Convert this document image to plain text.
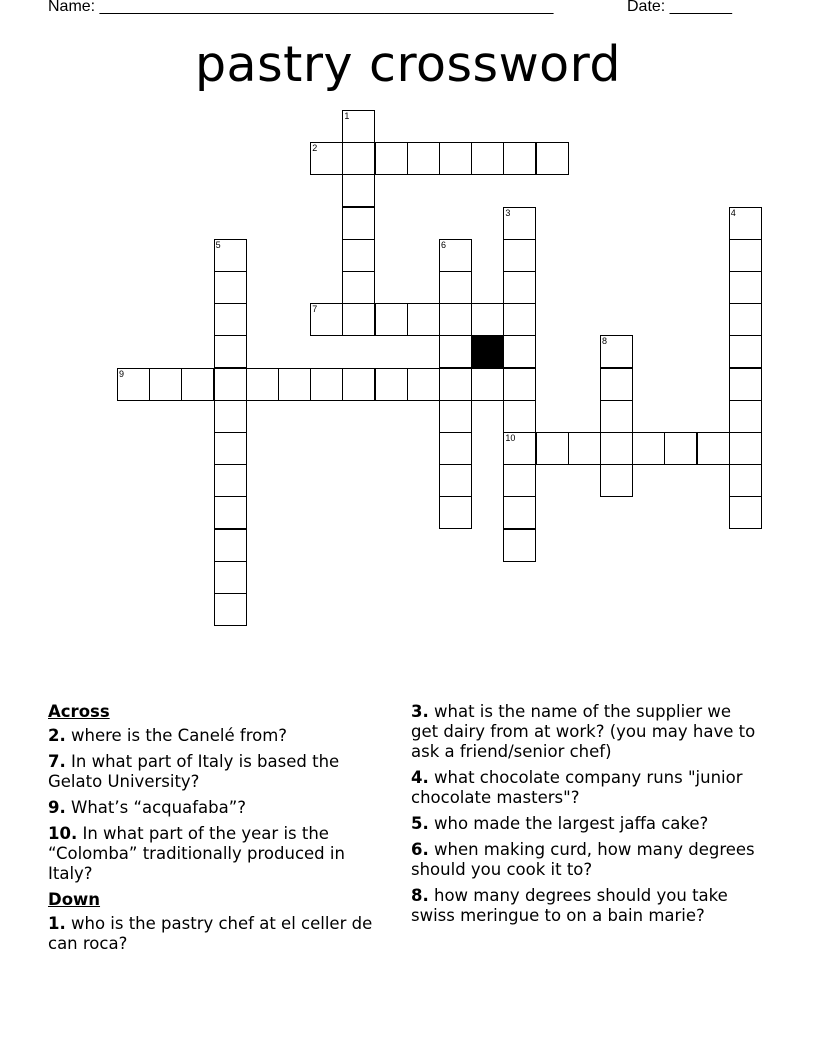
Name: ___________________________________________________	Date: _______
pastry crossword
1
2
3
10
4
5	6
7
8
9
Across
2. where is the Canelé from?
7. In what part of Italy is based the Gelato University?
9. What’s “acquafaba”?
10. In what part of the year is the “Colomba” traditionally produced in Italy?
Down
1. who is the pastry chef at el celler de can roca?
3. what is the name of the supplier we get dairy from at work? (you may have to ask a friend/senior chef)
4. what chocolate company runs "junior chocolate masters"?
5. who made the largest jaffa cake?
6. when making curd, how many degrees should you cook it to?
8. how many degrees should you take swiss meringue to on a bain marie?
